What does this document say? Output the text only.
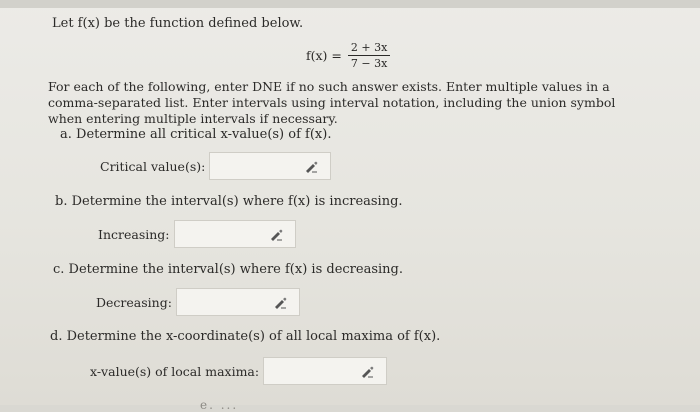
Let f(x) be the function defined below.
$f(x) = \frac{2 + 3x}{7 - 3x}$
For each of the following, enter DNE if no such answer exists. Enter multiple values in a comma-separated list. Enter intervals using interval notation, including the union symbol when entering multiple intervals if necessary.
a. Determine all critical x-value(s) of f(x).
Critical value(s):
b. Determine the interval(s) where f(x) is increasing.
Increasing:
c. Determine the interval(s) where f(x) is decreasing.
Decreasing:
d. Determine the x-coordinate(s) of all local maxima of f(x).
x-value(s) of local maxima:
e. ...
